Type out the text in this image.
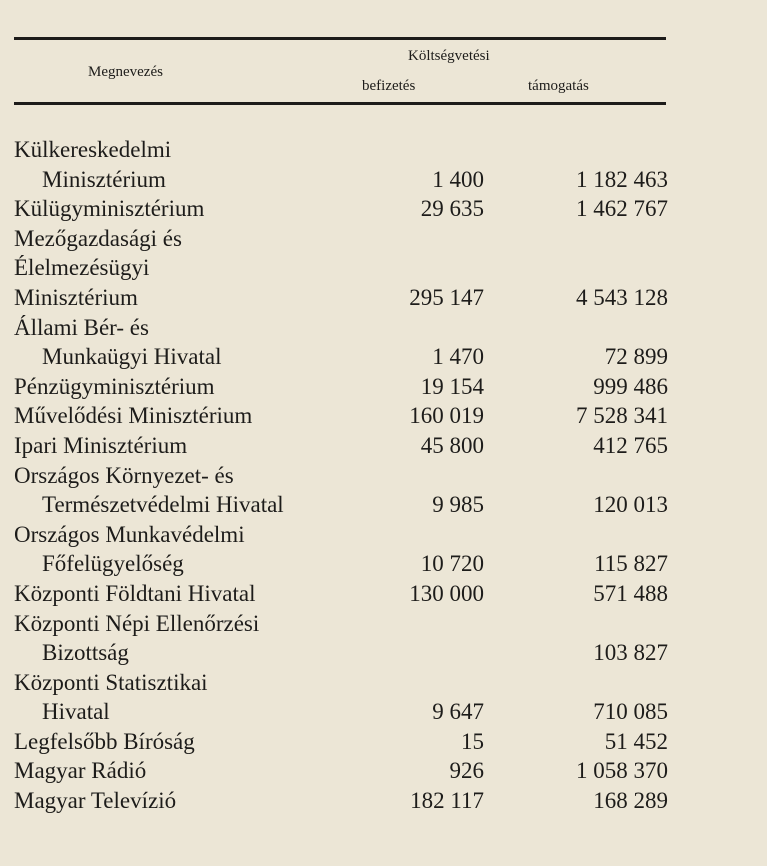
Megnevezés
Költségvetési
befizetés	támogatás
Külkereskedelmi		
Minisztérium	1 400	1 182 463
Külügyminisztérium	29 635	1 462 767
Mezőgazdasági és		
Élelmezésügyi		
Minisztérium	295 147	4 543 128
Állami Bér- és		
Munkaügyi Hivatal	1 470	72 899
Pénzügyminisztérium	19 154	999 486
Művelődési Minisztérium	160 019	7 528 341
Ipari Minisztérium	45 800	412 765
Országos Környezet- és		
Természetvédelmi Hivatal	9 985	120 013
Országos Munkavédelmi		
Főfelügyelőség	10 720	115 827
Központi Földtani Hivatal	130 000	571 488
Központi Népi Ellenőrzési		
Bizottság		103 827
Központi Statisztikai		
Hivatal	9 647	710 085
Legfelsőbb Bíróság	15	51 452
Magyar Rádió	926	1 058 370
Magyar Televízió	182 117	168 289
